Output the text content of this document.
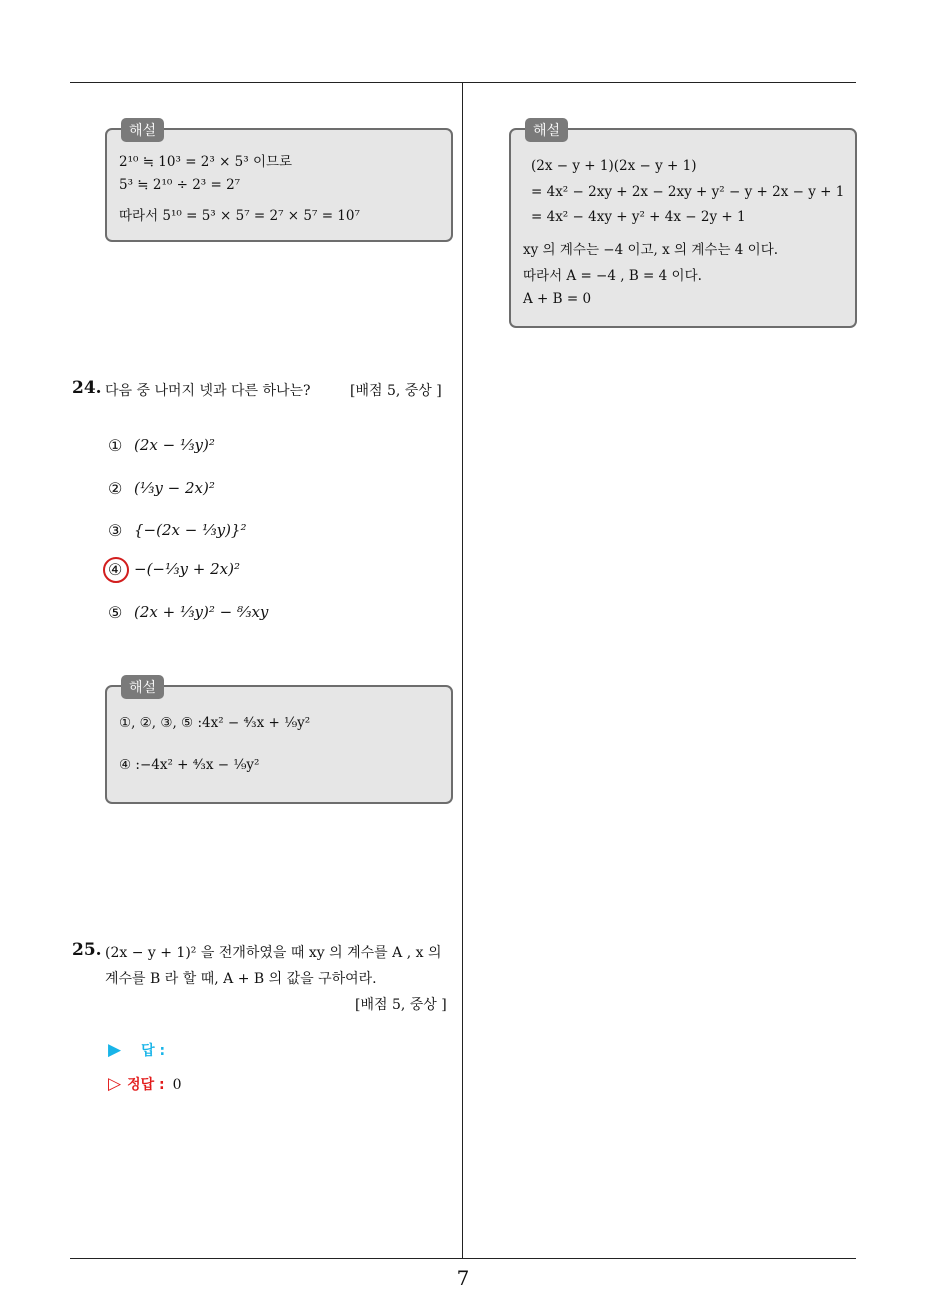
해설
2¹⁰ ≒ 10³ = 2³ × 5³ 이므로
5³ ≒ 2¹⁰ ÷ 2³ = 2⁷
따라서 5¹⁰ = 5³ × 5⁷ = 2⁷ × 5⁷ = 10⁷
24. 다음 중 나머지 넷과 다른 하나는?	[배점 5, 중상 ]
① (2x − ⅓y)²
② (⅓y − 2x)²
③ {−(2x − ⅓y)}²
④ −(−⅓y + 2x)²
⑤ (2x + ⅓y)² − ⁸⁄₃xy
해설
①, ②, ③, ⑤ :4x² − ⁴⁄₃x + ¹⁄₉y²
④ :−4x² + ⁴⁄₃x − ¹⁄₉y²
25. (2x − y + 1)² 을 전개하였을 때 xy 의 계수를 A , x 의
계수를 B 라 할 때, A + B 의 값을 구하여라.
[배점 5, 중상 ]
▶ 답 :
▷ 정답 : 0
해설
(2x − y + 1)(2x − y + 1)
= 4x² − 2xy + 2x − 2xy + y² − y + 2x − y + 1
= 4x² − 4xy + y² + 4x − 2y + 1
xy 의 계수는 −4 이고, x 의 계수는 4 이다.
따라서 A = −4 , B = 4 이다.
A + B = 0
7
